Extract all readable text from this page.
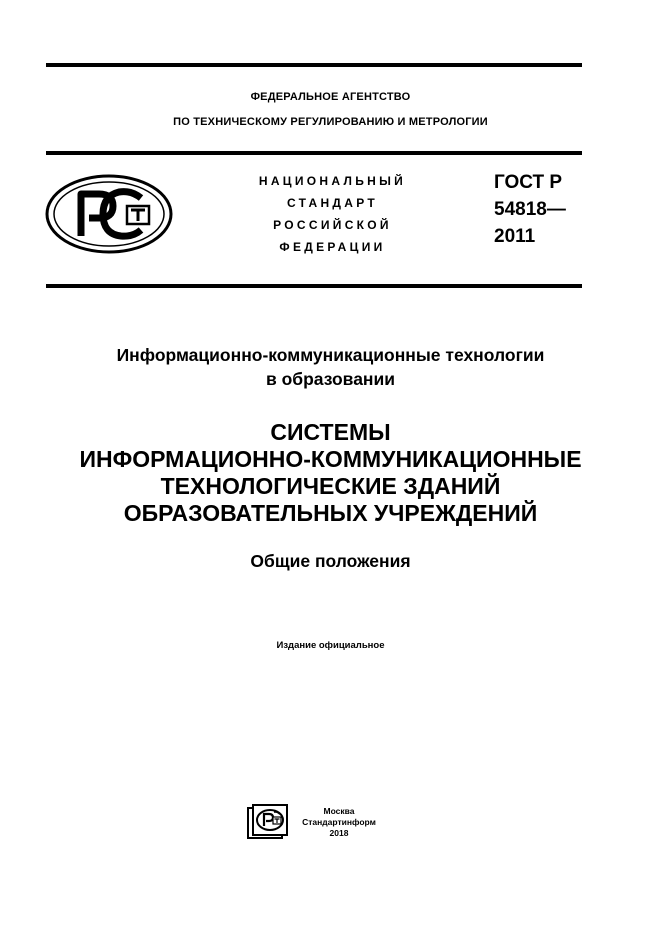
ФЕДЕРАЛЬНОЕ АГЕНТСТВО
ПО ТЕХНИЧЕСКОМУ РЕГУЛИРОВАНИЮ И МЕТРОЛОГИИ
НАЦИОНАЛЬНЫЙ
СТАНДАРТ
РОССИЙСКОЙ
ФЕДЕРАЦИИ
ГОСТ Р
54818—
2011
Информационно-коммуникационные технологии
в образовании
СИСТЕМЫ
ИНФОРМАЦИОННО-КОММУНИКАЦИОННЫЕ
ТЕХНОЛОГИЧЕСКИЕ ЗДАНИЙ
ОБРАЗОВАТЕЛЬНЫХ УЧРЕЖДЕНИЙ
Общие положения
Издание официальное
Москва
Стандартинформ
2018
